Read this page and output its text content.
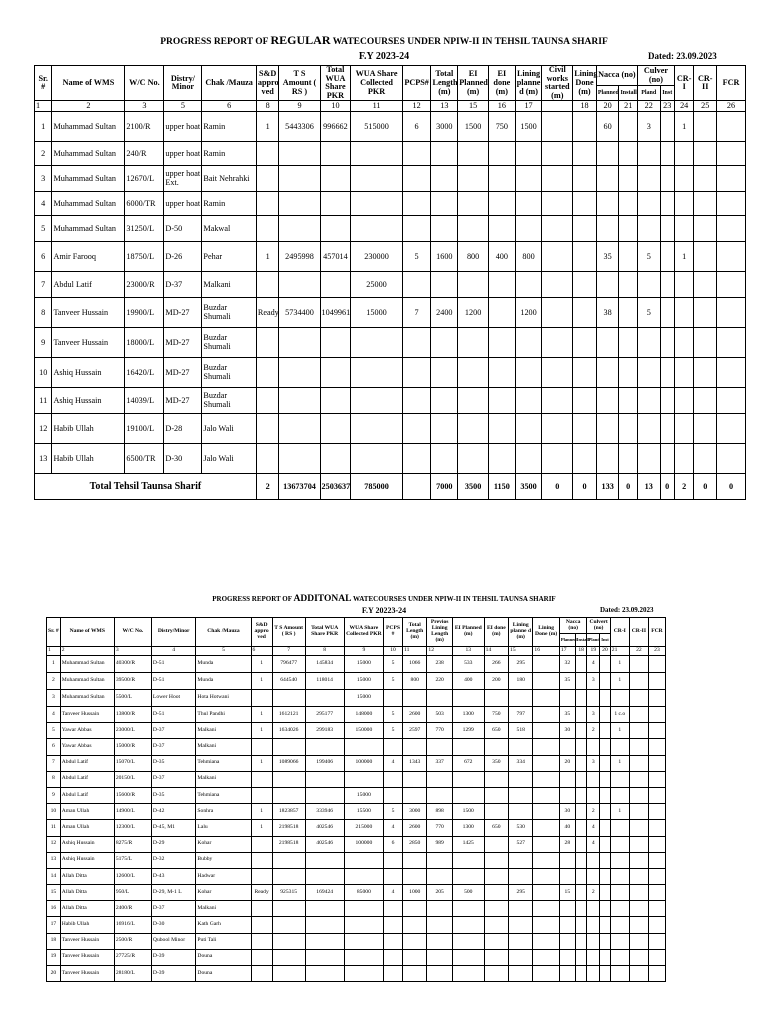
PROGRESS REPORT OF REGULAR WATECOURSES UNDER NPIW-II IN TEHSIL TAUNSA SHARIF
F.Y 2023-24	Dated: 23.09.2023
Sr. #	Name of WMS	W/C No.	Distry/ Minor	Chak /Mauza	S&D appro ved	T S Amount ( RS )	Total WUA Share PKR	WUA Share Collected PKR	PCPS#	Total Length (m)	EI Planned (m)	EI done (m)	Lining planne d (m)	Civil works started (m)	Lining Done (m)	Nacca (no)		Culver (no)		CR-I	CR-II	FCR
																Planned	Install	Pland	Inst			
1	2	3	5	6	8	9	10	11	12	13	15	16	17		18	20	21	22	23	24	25	26
1	Muhammad Sultan	2100/R	upper hoat	Ramin	1	5443306	996662	515000	6	3000	1500	750	1500			60		3		1		
2	Muhammad Sultan	240/R	upper hoat	Ramin																		
3	Muhammad Sultan	12670/L	upper hoat Ext.	Bait Nehrahki																		
4	Muhammad Sultan	6000/TR	upper hoat	Ramin																		
5	Muhammad Sultan	31250/L	D-50	Makwal																		
6	Amir Farooq	18750/L	D-26	Pehar	1	2495998	457014	230000	5	1600	800	400	800			35		5		1		
7	Abdul Latif	23000/R	D-37	Malkani				25000														
8	Tanveer Hussain	19900/L	MD-27	Buzdar Shumali	Ready	5734400	1049961	15000	7	2400	1200		1200			38		5				
9	Tanveer Hussain	18000/L	MD-27	Buzdar Shumali																		
10	Ashiq Hussain	16420/L	MD-27	Buzdar Shumali																		
11	Ashiq Hussain	14039/L	MD-27	Buzdar Shumali																		
12	Habib Ullah	19100/L	D-28	Jalo Wali																		
13	Habib Ullah	6500/TR	D-30	Jalo Wali																		
Total Tehsil Taunsa Sharif					2	13673704	2503637	785000		7000	3500	1150	3500	0	0	133	0	13	0	2	0	0
PROGRESS REPORT OF ADDITONAL WATECOURSES UNDER NPIW-II IN TEHSIL TAUNSA SHARIF
F.Y 20223-24	Dated: 23.09.2023
Sr. #	Name of WMS	W/C No.	Distry/Minor	Chak /Mauza	S&D appro ved	T S Amount ( RS )	Total WUA Share PKR	WUA Share Collected PKR	PCPS #	Total Length (m)	Previos Lining Length (m)	EI Planned (m)	EI done (m)	Lining planne d (m)	Lining Done (m)	Nacca (no)		Culvert (no)		CR-I	CR-II	FCR
																Planned	Install	Pland	Inst			
1	2	3	4	5	6	7	8	9	10	11	12	13	14	15	16	17	18	19	20	21	22	23
1	Muhammad Sultan	40300/R	D-51	Munda	1	796477	145834	15000	5	1066	238	533	266	295		32		4		1		
2	Muhammad Sultan	39500/R	D-51	Munda	1	644540	118014	15000	5	800	220	400	200	180		35		3		1		
3	Muhammad Sultan	5500/L	Lower Hoot	Hota Hotwani				15000														
4	Tanveer Hussain	13800/R	D-51	Thul Pandhi	1	1612121	295177	148000	5	2600	503	1300	750	797		35		3		1 c.o		
5	Yawar Abbas	23000/L	D-37	Malkani	1	1634026	299183	150000	5	2597	770	1299	650	518		30		2		1		
6	Yawar Abbas	15000/R	D-37	Malkani																		
7	Abdul Latif	15070/L	D-35	Tehmiana	1	1089066	199406	100000	4	1343	337	672	350	334		20		3		1		
8	Abdul Latif	20150/L	D-37	Malkani																		
9	Abdul Latif	15600/R	D-35	Tehmiana				15000														
10	Aman Ullah	14900/L	D-42	Sonhra	1	1823857	333946	15500	5	3000	898	1500				30		2		1		
11	Aman Ullah	12300/L	D-45, M1	Lalu	1	2198518	402546	215000	4	2600	770	1300	650	530		40		4				
12	Ashiq Hussain	8275/R	D-29	Kohar		2198518	402546	100000	6	2850	989	1425		527		28		4				
13	Ashiq Hussain	5175/L	D-32	Bubby																		
14	Allah Ditta	12600/L	D-43	Hadwar																		
15	Allah Ditta	950/L	D-29, M-1 L	Kohar	Ready	925315	169424	85000	4	1000	205	500		295		15		2				
16	Allah Ditta	2400/R	D-37	Malkani																		
17	Habib Ullah	16916/L	D-30	Kath Garh																		
18	Tanveer Hussain	2500/R	Qubool Minor	Puti Tali																		
19	Tanveer Hussain	27725/R	D-39	Douna																		
20	Tanveer Hussain	28180/L	D-39	Douna																		
